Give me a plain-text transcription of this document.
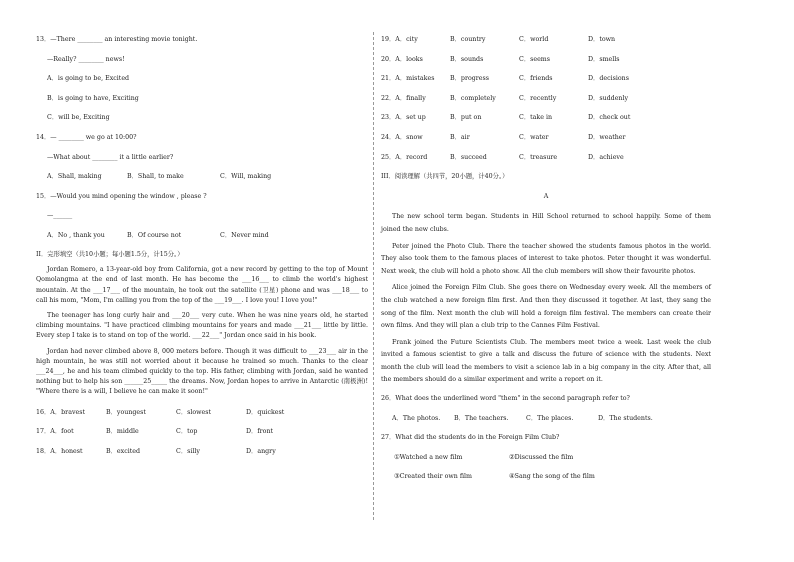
13．—There ________ an interesting movie tonight.

—Really? ________ news!

A．is going to be, Excited

B．is going to have, Exciting

C．will be, Exciting

14．— ________ we go at 10:00?

—What about ________ it a little earlier?

A．Shall, making	B．Shall, to make	C．Will, making

15．—Would you mind opening the window , please ?

—______

A．No , thank you	B．Of course not	C．Never mind

II．完形填空（共10小题；每小题1.5分，计15分。）

Jordan Romero, a 13-year-old boy from California, got a new record by getting to the top of Mount Qomolangma at the end of last month. He has become the ___16___ to climb the world's highest mountain. At the ___17___ of the mountain, he took out the satellite (卫星) phone and was ___18___ to call his mom, "Mom, I'm calling you from the top of the ___19___. I love you! I love you!"

The teenager has long curly hair and ___20___ very cute. When he was nine years old, he started climbing mountains. "I have practiced climbing mountains for years and made ___21___ little by little. Every step I take is to stand on top of the world. ___22___" Jordan once said in his book.

Jordan had never climbed above 8, 000 meters before. Though it was difficult to ___23___ air in the high mountain, he was still not worried about it because he trained so much. Thanks to the clear ___24___, he and his team climbed quickly to the top. His father, climbing with Jordan, said he wanted nothing but to help his son ______25_____ the dreams. Now, Jordan hopes to arrive in Antarctic (南极洲)! "Where there is a will, I believe he can make it soon!"

16．A．bravest	B．youngest	C．slowest	D．quickest
17．A．foot	B．middle	C．top	D．front
18．A．honest	B．excited	C．silly	D．angry
19．A．city	B．country	C．world	D．town
20．A．looks	B．sounds	C．seems	D．smells
21．A．mistakes	B．progress	C．friends	D．decisions
22．A．finally	B．completely	C．recently	D．suddenly
23．A．set up	B．put on	C．take in	D．check out
24．A．snow	B．air	C．water	D．weather
25．A．record	B．succeed	C．treasure	D．achieve

III．阅读理解（共四节，20小题，计40分。）

A

The new school term began. Students in Hill School returned to school happily. Some of them joined the new clubs.

Peter joined the Photo Club. There the teacher showed the students famous photos in the world. They also took them to the famous places of interest to take photos. Peter thought it was wonderful. Next week, the club will hold a photo show. All the club members will show their favourite photos.

Alice joined the Foreign Film Club. She goes there on Wednesday every week. All the members of the club watched a new foreign film first. And then they discussed it together. At last, they sang the song of the film. Next month the club will hold a foreign film festival. The members can create their own films. And they will plan a club trip to the Cannes Film Festival.

Frank joined the Future Scientists Club. The members meet twice a week. Last week the club invited a famous scientist to give a talk and discuss the future of science with the students. Next month the club will lead the members to visit a science lab in a big company in the city. After that, all the members should do a similar experiment and write a report on it.

26．What does the underlined word "them" in the second paragraph refer to?

A．The photos.	B．The teachers.	C．The places.	D．The students.

27．What did the students do in the Foreign Film Club?

①Watched a new film	②Discussed the film
③Created their own film	④Sang the song of the film
